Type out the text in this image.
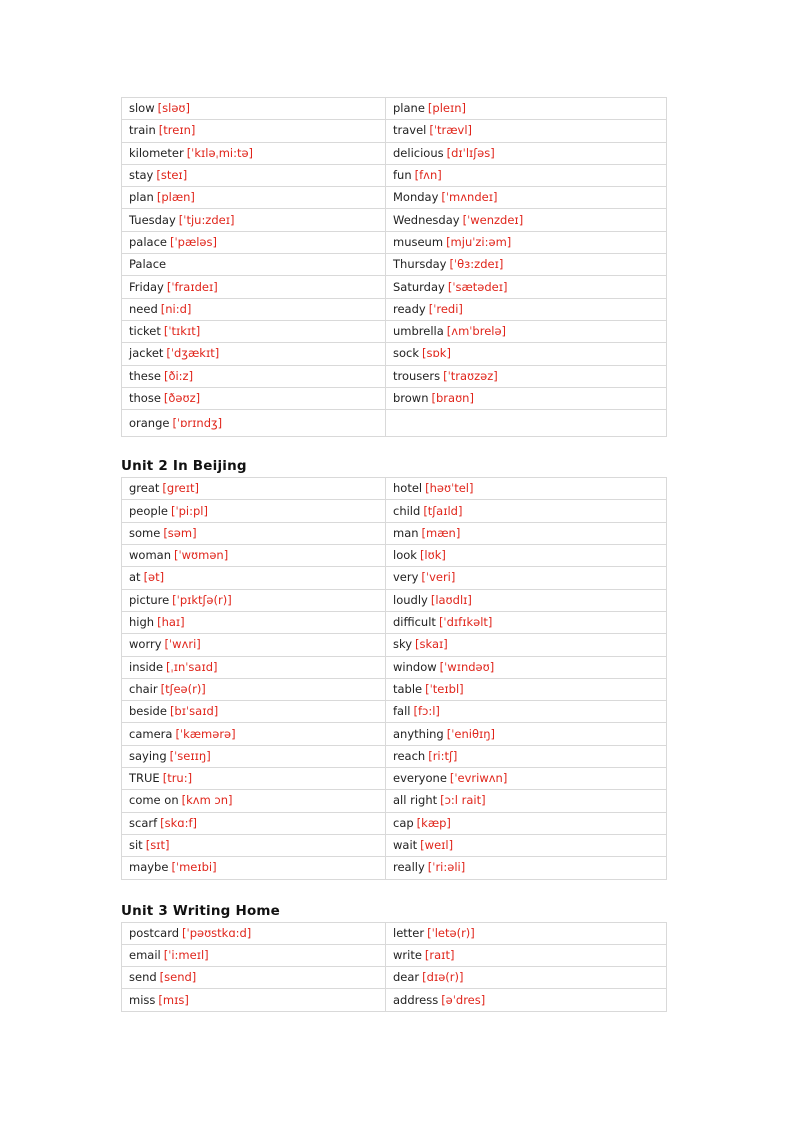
slow [sləʊ]	plane [pleɪn]
train [treɪn]	travel [ˈtrævl]
kilometer [ˈkɪləˌmi:tə]	delicious [dɪˈlɪʃəs]
stay [steɪ]	fun [fʌn]
plan [plæn]	Monday [ˈmʌndeɪ]
Tuesday [ˈtju:zdeɪ]	Wednesday [ˈwenzdeɪ]
palace [ˈpæləs]	museum [mjuˈzi:əm]
Palace	Thursday [ˈθɜ:zdeɪ]
Friday [ˈfraɪdeɪ]	Saturday [ˈsætədeɪ]
need [ni:d]	ready [ˈredi]
ticket [ˈtɪkɪt]	umbrella [ʌmˈbrelə]
jacket [ˈdʒækɪt]	sock [sɒk]
these [ði:z]	trousers [ˈtraʊzəz]
those [ðəʊz]	brown [braʊn]
orange [ˈɒrɪndʒ]	
Unit 2 In Beijing
great [greɪt]	hotel [həʊˈtel]
people [ˈpi:pl]	child [tʃaɪld]
some [səm]	man [mæn]
woman [ˈwʊmən]	look [lʊk]
at [ət]	very [ˈveri]
picture [ˈpɪktʃə(r)]	loudly [laʊdlɪ]
high [haɪ]	difficult [ˈdɪfɪkəlt]
worry [ˈwʌri]	sky [skaɪ]
inside [ˌɪnˈsaɪd]	window [ˈwɪndəʊ]
chair [tʃeə(r)]	table [ˈteɪbl]
beside [bɪˈsaɪd]	fall [fɔ:l]
camera [ˈkæmərə]	anything [ˈeniθɪŋ]
saying [ˈseɪɪŋ]	reach [ri:tʃ]
TRUE [tru:]	everyone [ˈevriwʌn]
come on [kʌm ɔn]	all right [ɔ:l rait]
scarf [skɑ:f]	cap [kæp]
sit [sɪt]	wait [weɪl]
maybe [ˈmeɪbi]	really [ˈri:əli]
Unit 3 Writing Home
postcard [ˈpəʊstkɑ:d]	letter [ˈletə(r)]
email [ˈi:meɪl]	write [raɪt]
send [send]	dear [dɪə(r)]
miss [mɪs]	address [əˈdres]
